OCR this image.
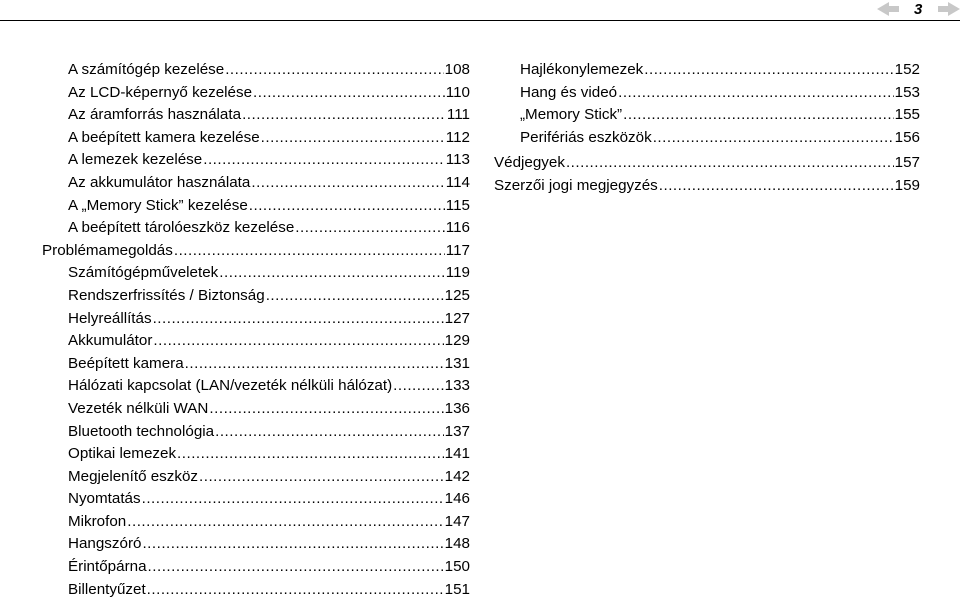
3
A számítógép kezelése .....	108
Az LCD-képernyő kezelése .....	110
Az áramforrás használata .....	111
A beépített kamera kezelése .....	112
A lemezek kezelése .....	113
Az akkumulátor használata .....	114
A „Memory Stick” kezelése .....	115
A beépített tárolóeszköz kezelése .....	116
Problémamegoldás .....	117
Számítógépműveletek .....	119
Rendszerfrissítés / Biztonság .....	125
Helyreállítás .....	127
Akkumulátor .....	129
Beépített kamera .....	131
Hálózati kapcsolat (LAN/vezeték nélküli hálózat) .....	133
Vezeték nélküli WAN .....	136
Bluetooth technológia .....	137
Optikai lemezek .....	141
Megjelenítő eszköz .....	142
Nyomtatás .....	146
Mikrofon .....	147
Hangszóró .....	148
Érintőpárna .....	150
Billentyűzet .....	151
Hajlékonylemezek .....	152
Hang és videó .....	153
„Memory Stick” .....	155
Perifériás eszközök .....	156
Védjegyek .....	157
Szerzői jogi megjegyzés .....	159
